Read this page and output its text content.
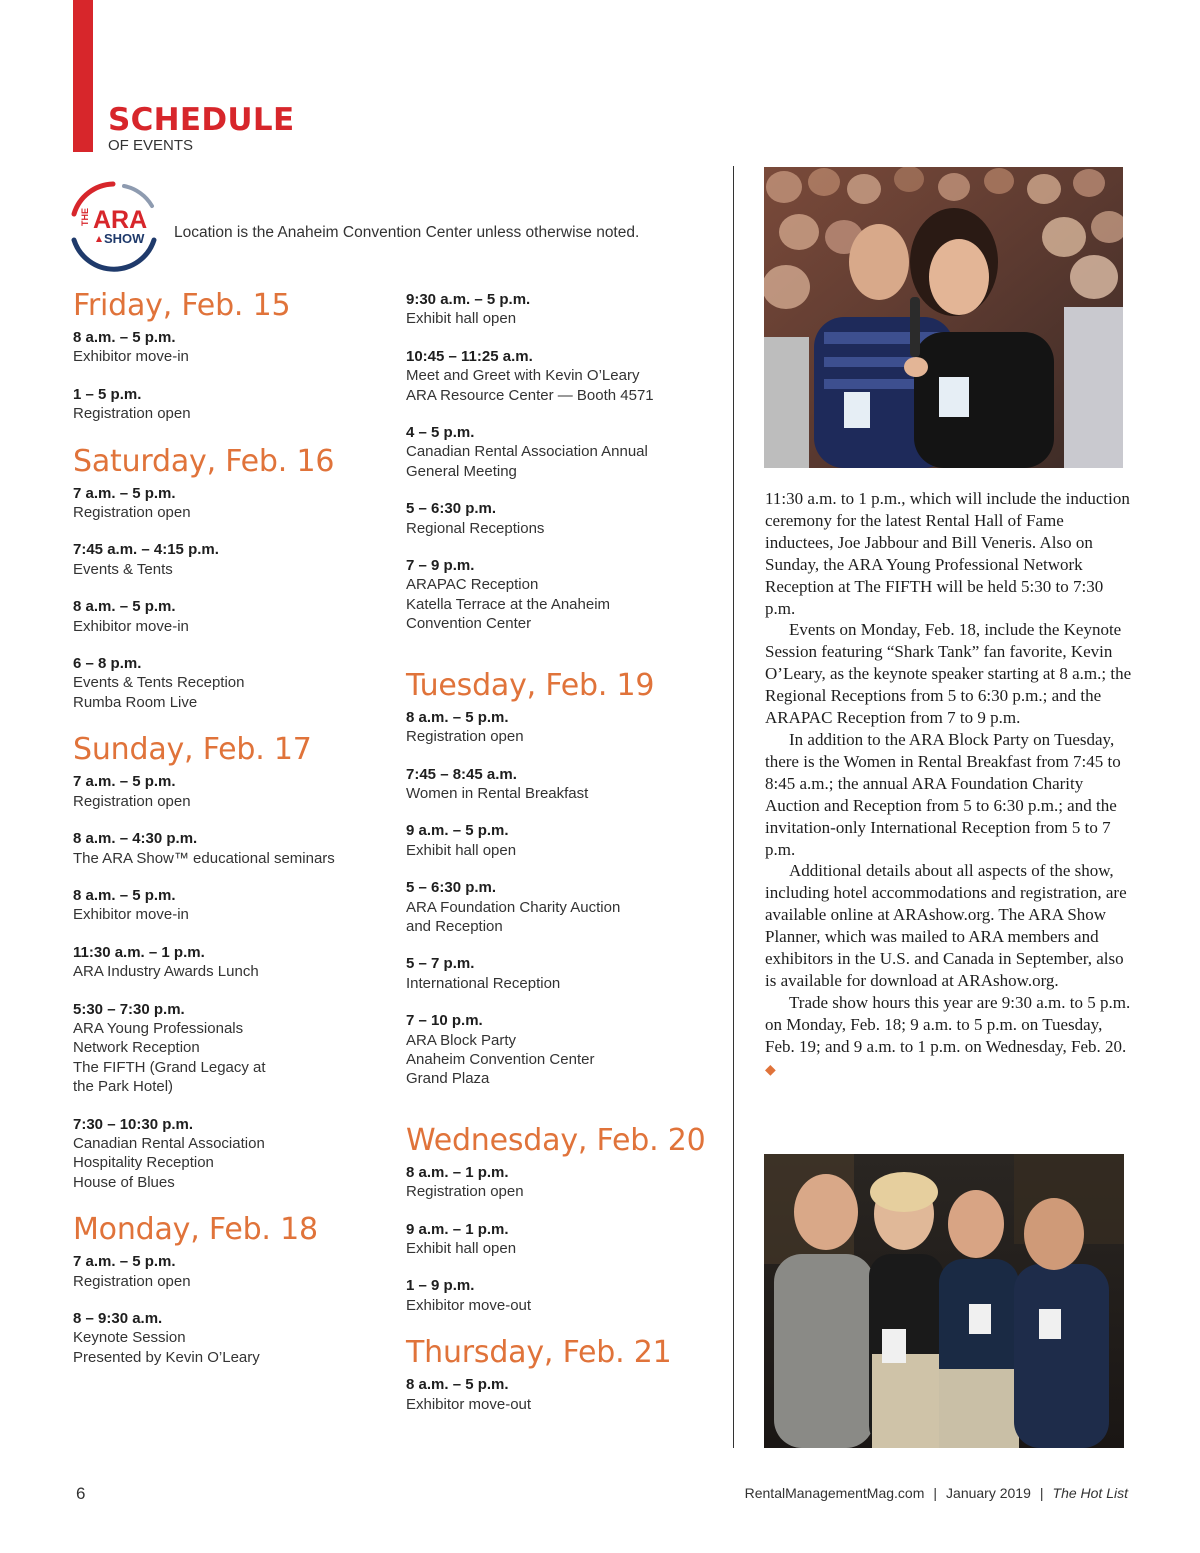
SCHEDULE
OF EVENTS
THE ARA
SHOW Location is the Anaheim Convention Center unless otherwise noted.
Friday, Feb. 15
8 a.m. – 5 p.m.
Exhibitor move-in
1 – 5 p.m.
Registration open
Saturday, Feb. 16
7 a.m. – 5 p.m.
Registration open
7:45 a.m. – 4:15 p.m.
Events & Tents
8 a.m. – 5 p.m.
Exhibitor move-in
6 – 8 p.m.
Events & Tents Reception
Rumba Room Live
Sunday, Feb. 17
7 a.m. – 5 p.m.
Registration open
8 a.m. – 4:30 p.m.
The ARA Show™ educational seminars
8 a.m. – 5 p.m.
Exhibitor move-in
11:30 a.m. – 1 p.m.
ARA Industry Awards Lunch
5:30 – 7:30 p.m.
ARA Young Professionals
Network Reception
The FIFTH (Grand Legacy at
the Park Hotel)
7:30 – 10:30 p.m.
Canadian Rental Association
Hospitality Reception
House of Blues
Monday, Feb. 18
7 a.m. – 5 p.m.
Registration open
8 – 9:30 a.m.
Keynote Session
Presented by Kevin O’Leary
9:30 a.m. – 5 p.m.
Exhibit hall open
10:45 – 11:25 a.m.
Meet and Greet with Kevin O’Leary
ARA Resource Center — Booth 4571
4 – 5 p.m.
Canadian Rental Association Annual
General Meeting
5 – 6:30 p.m.
Regional Receptions
7 – 9 p.m.
ARAPAC Reception
Katella Terrace at the Anaheim
Convention Center
Tuesday, Feb. 19
8 a.m. – 5 p.m.
Registration open
7:45 – 8:45 a.m.
Women in Rental Breakfast
9 a.m. – 5 p.m.
Exhibit hall open
5 – 6:30 p.m.
ARA Foundation Charity Auction
and Reception
5 – 7 p.m.
International Reception
7 – 10 p.m.
ARA Block Party
Anaheim Convention Center
Grand Plaza
Wednesday, Feb. 20
8 a.m. – 1 p.m.
Registration open
9 a.m. – 1 p.m.
Exhibit hall open
1 – 9 p.m.
Exhibitor move-out
Thursday, Feb. 21
8 a.m. – 5 p.m.
Exhibitor move-out

11:30 a.m. to 1 p.m., which will include the induction ceremony for the latest Rental Hall of Fame inductees, Joe Jabbour and Bill Veneris. Also on Sunday, the ARA Young Professional Network Reception at The FIFTH will be held 5:30 to 7:30 p.m.

Events on Monday, Feb. 18, include the Keynote Session featuring “Shark Tank” fan favorite, Kevin O’Leary, as the keynote speaker starting at 8 a.m.; the Regional Receptions from 5 to 6:30 p.m.; and the ARAPAC Reception from 7 to 9 p.m.

In addition to the ARA Block Party on Tuesday, there is the Women in Rental Breakfast from 7:45 to 8:45 a.m.; the annual ARA Foundation Charity Auction and Reception from 5 to 6:30 p.m.; and the invitation-only International Reception from 5 to 7 p.m.

Additional details about all aspects of the show, including hotel accommodations and registration, are available online at ARAshow.org. The ARA Show Planner, which was mailed to ARA members and exhibitors in the U.S. and Canada in September, also is available for download at ARAshow.org.

Trade show hours this year are 9:30 a.m. to 5 p.m. on Monday, Feb. 18; 9 a.m. to 5 p.m. on Tuesday, Feb. 19; and 9 a.m. to 1 p.m. on Wednesday, Feb. 20. ◆

6	RentalManagementMag.com | January 2019 | The Hot List
